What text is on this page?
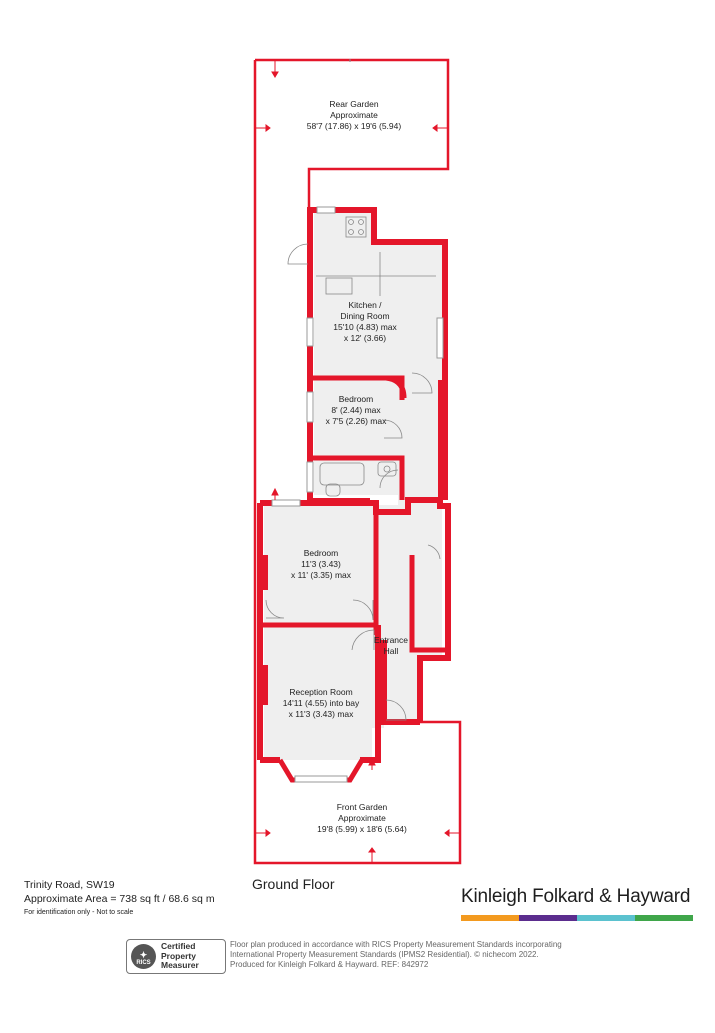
Rear Garden
Approximate
58'7 (17.86) x 19'6 (5.94)
Kitchen /
Dining Room
15'10 (4.83) max
x 12' (3.66)
Bedroom
8' (2.44) max
x 7'5 (2.26) max
Bedroom
11'3 (3.43)
x 11' (3.35) max
Entrance
Hall
Reception Room
14'11 (4.55) into bay
x 11'3 (3.43) max
Front Garden
Approximate
19'8 (5.99) x 18'6 (5.64)
Ground Floor
Trinity Road, SW19
Approximate Area = 738 sq ft / 68.6 sq m
For identification only - Not to scale
Kinleigh Folkard & Hayward
✦
RICS
Certified
Property
Measurer
Floor plan produced in accordance with RICS Property Measurement Standards incorporating
International Property Measurement Standards (IPMS2 Residential). © nichecom 2022.
Produced for Kinleigh Folkard & Hayward. REF: 842972
